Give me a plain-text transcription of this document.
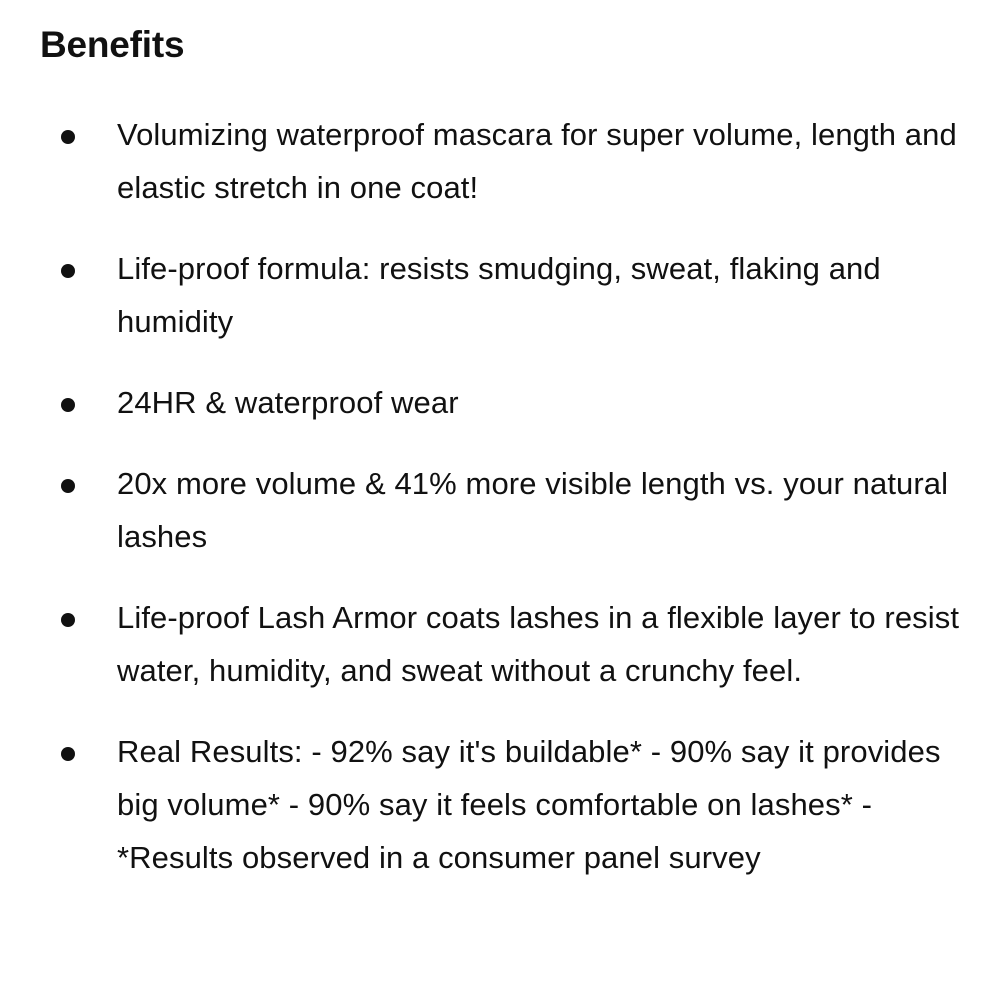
Benefits
Volumizing waterproof mascara for super volume, length and elastic stretch in one coat!
Life-proof formula: resists smudging, sweat, flaking and humidity
24HR & waterproof wear
20x more volume & 41% more visible length vs. your natural lashes
Life-proof Lash Armor coats lashes in a flexible layer to resist water, humidity, and sweat without a crunchy feel.
Real Results: - 92% say it's buildable* - 90% say it provides big volume* - 90% say it feels comfortable on lashes* - *Results observed in a consumer panel survey
